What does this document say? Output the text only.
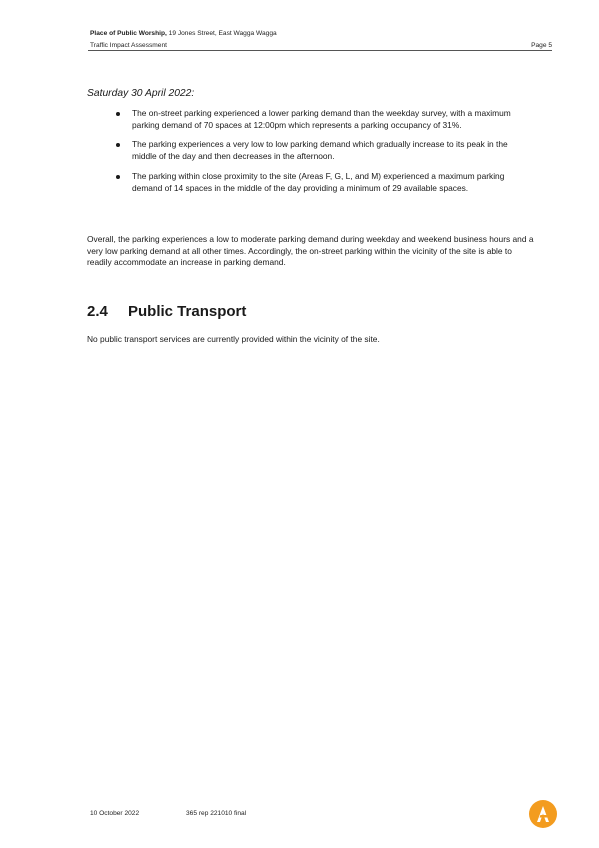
Place of Public Worship, 19 Jones Street, East Wagga Wagga
Traffic Impact Assessment	Page 5
Saturday 30 April 2022:
The on-street parking experienced a lower parking demand than the weekday survey, with a maximum parking demand of 70 spaces at 12:00pm which represents a parking occupancy of 31%.
The parking experiences a very low to low parking demand which gradually increase to its peak in the middle of the day and then decreases in the afternoon.
The parking within close proximity to the site (Areas F, G, L, and M) experienced a maximum parking demand of 14 spaces in the middle of the day providing a minimum of 29 available spaces.

Overall, the parking experiences a low to moderate parking demand during weekday and weekend business hours and a very low parking demand at all other times. Accordingly, the on-street parking within the vicinity of the site is able to readily accommodate an increase in parking demand.

2.4 Public Transport

No public transport services are currently provided within the vicinity of the site.

10 October 2022	365 rep 221010 final
